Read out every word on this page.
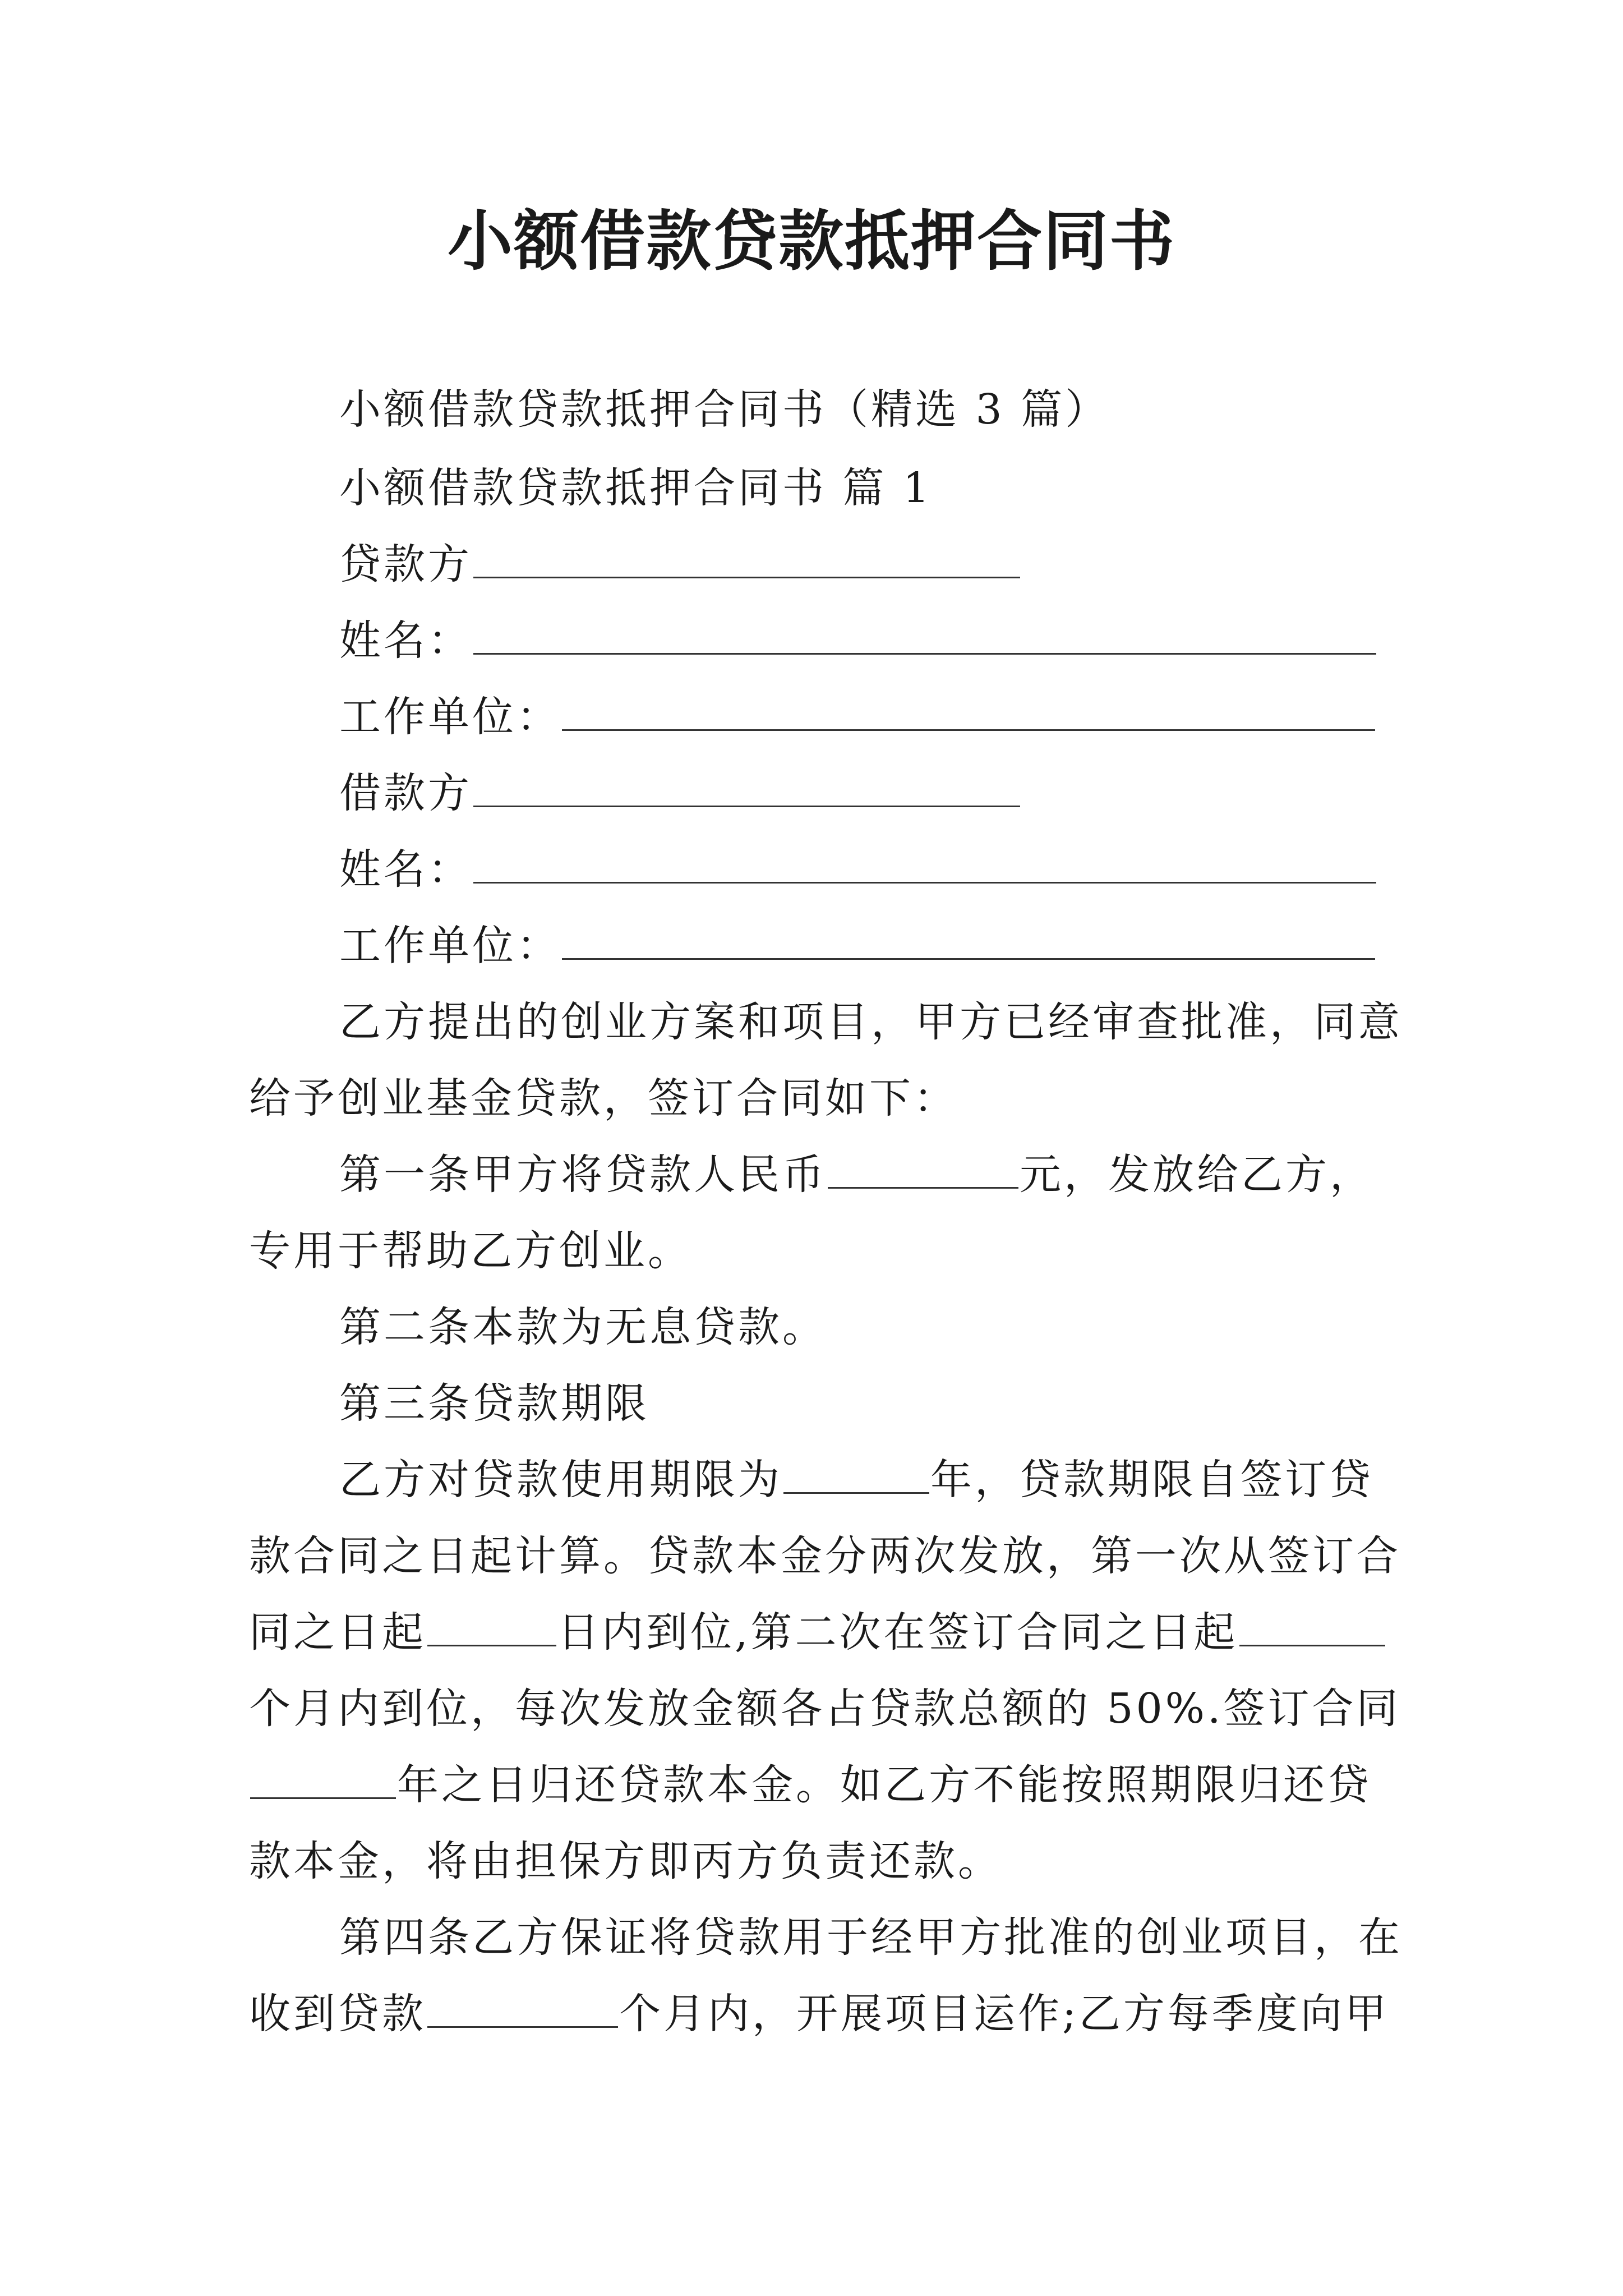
小额借款贷款抵押合同书
小额借款贷款抵押合同书（精选 3 篇）
小额借款贷款抵押合同书 篇 1
贷款方
姓名：
工作单位：
借款方
姓名：
工作单位：
乙方提出的创业方案和项目，甲方已经审查批准，同意
给予创业基金贷款，签订合同如下：
第一条甲方将贷款人民币	元，发放给乙方，
专用于帮助乙方创业。
第二条本款为无息贷款。
第三条贷款期限
乙方对贷款使用期限为	年，贷款期限自签订贷
款合同之日起计算。贷款本金分两次发放，第一次从签订合
同之日起	日内到位,第二次在签订合同之日起
个月内到位，每次发放金额各占贷款总额的 50%.签订合同
年之日归还贷款本金。如乙方不能按照期限归还贷
款本金，将由担保方即丙方负责还款。
第四条乙方保证将贷款用于经甲方批准的创业项目，在
收到贷款	个月内，开展项目运作;乙方每季度向甲
